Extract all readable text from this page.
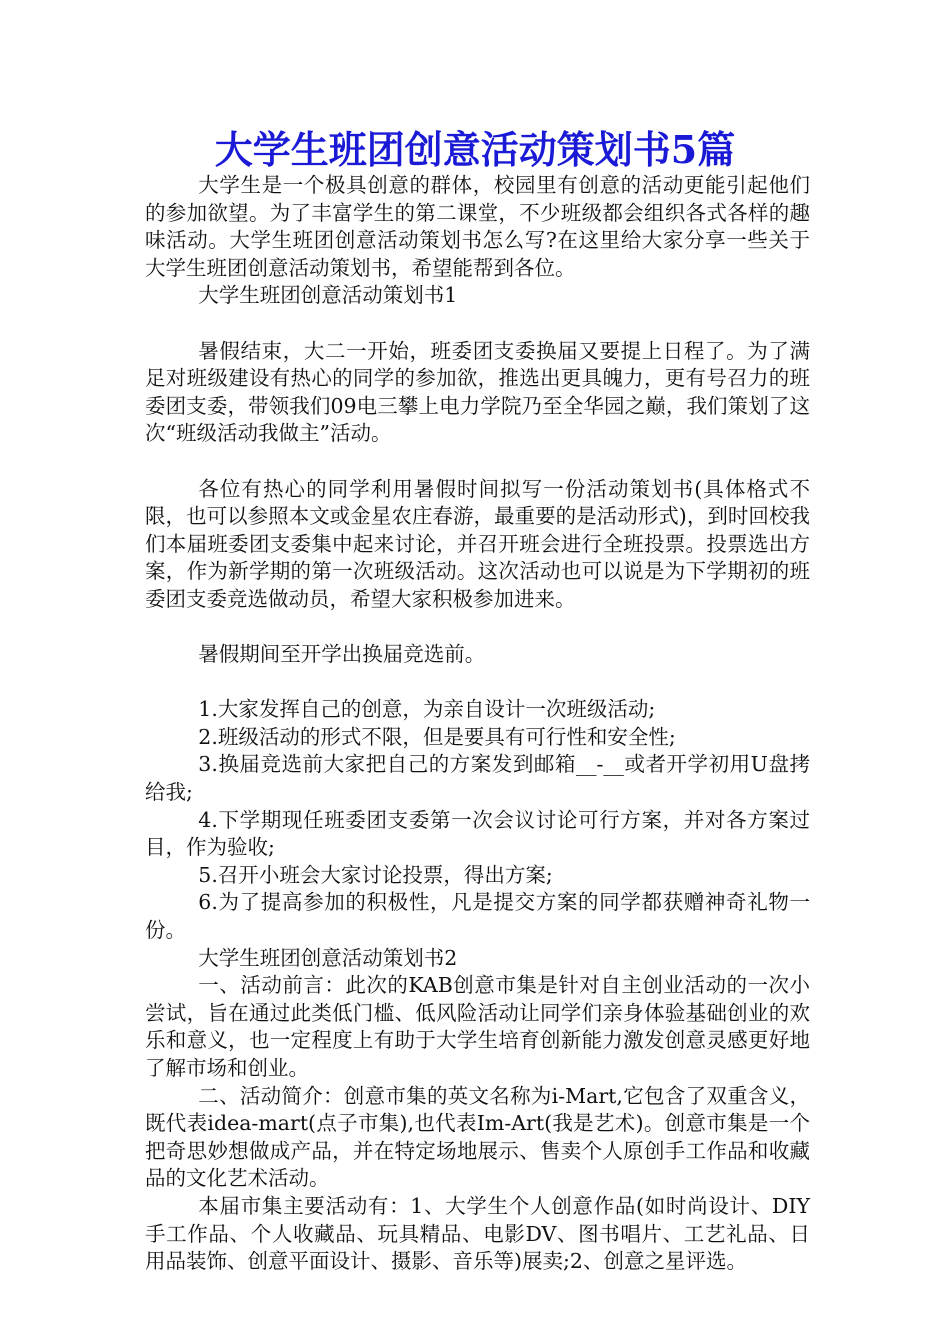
大学生班团创意活动策划书5篇

大学生是一个极具创意的群体，校园里有创意的活动更能引起他们的参加欲望。为了丰富学生的第二课堂，不少班级都会组织各式各样的趣味活动。大学生班团创意活动策划书怎么写?在这里给大家分享一些关于大学生班团创意活动策划书，希望能帮到各位。

大学生班团创意活动策划书1

暑假结束，大二一开始，班委团支委换届又要提上日程了。为了满足对班级建设有热心的同学的参加欲，推选出更具魄力，更有号召力的班委团支委，带领我们09电三攀上电力学院乃至全华园之巅，我们策划了这次“班级活动我做主”活动。

各位有热心的同学利用暑假时间拟写一份活动策划书(具体格式不限，也可以参照本文或金星农庄春游，最重要的是活动形式)，到时回校我们本届班委团支委集中起来讨论，并召开班会进行全班投票。投票选出方案，作为新学期的第一次班级活动。这次活动也可以说是为下学期初的班委团支委竞选做动员，希望大家积极参加进来。

暑假期间至开学出换届竞选前。

1.大家发挥自己的创意，为亲自设计一次班级活动;

2.班级活动的形式不限，但是要具有可行性和安全性;

3.换届竞选前大家把自己的方案发到邮箱__-__或者开学初用U盘拷给我;

4.下学期现任班委团支委第一次会议讨论可行方案，并对各方案过目，作为验收;

5.召开小班会大家讨论投票，得出方案;

6.为了提高参加的积极性，凡是提交方案的同学都获赠神奇礼物一份。

大学生班团创意活动策划书2

一、活动前言：此次的KAB创意市集是针对自主创业活动的一次小尝试，旨在通过此类低门槛、低风险活动让同学们亲身体验基础创业的欢乐和意义，也一定程度上有助于大学生培育创新能力激发创意灵感更好地了解市场和创业。

二、活动简介：创意市集的英文名称为i-Mart,它包含了双重含义，既代表idea-mart(点子市集),也代表Im-Art(我是艺术)。创意市集是一个把奇思妙想做成产品，并在特定场地展示、售卖个人原创手工作品和收藏品的文化艺术活动。

本届市集主要活动有：1、大学生个人创意作品(如时尚设计、DIY手工作品、个人收藏品、玩具精品、电影DV、图书唱片、工艺礼品、日用品装饰、创意平面设计、摄影、音乐等)展卖;2、创意之星评选。
